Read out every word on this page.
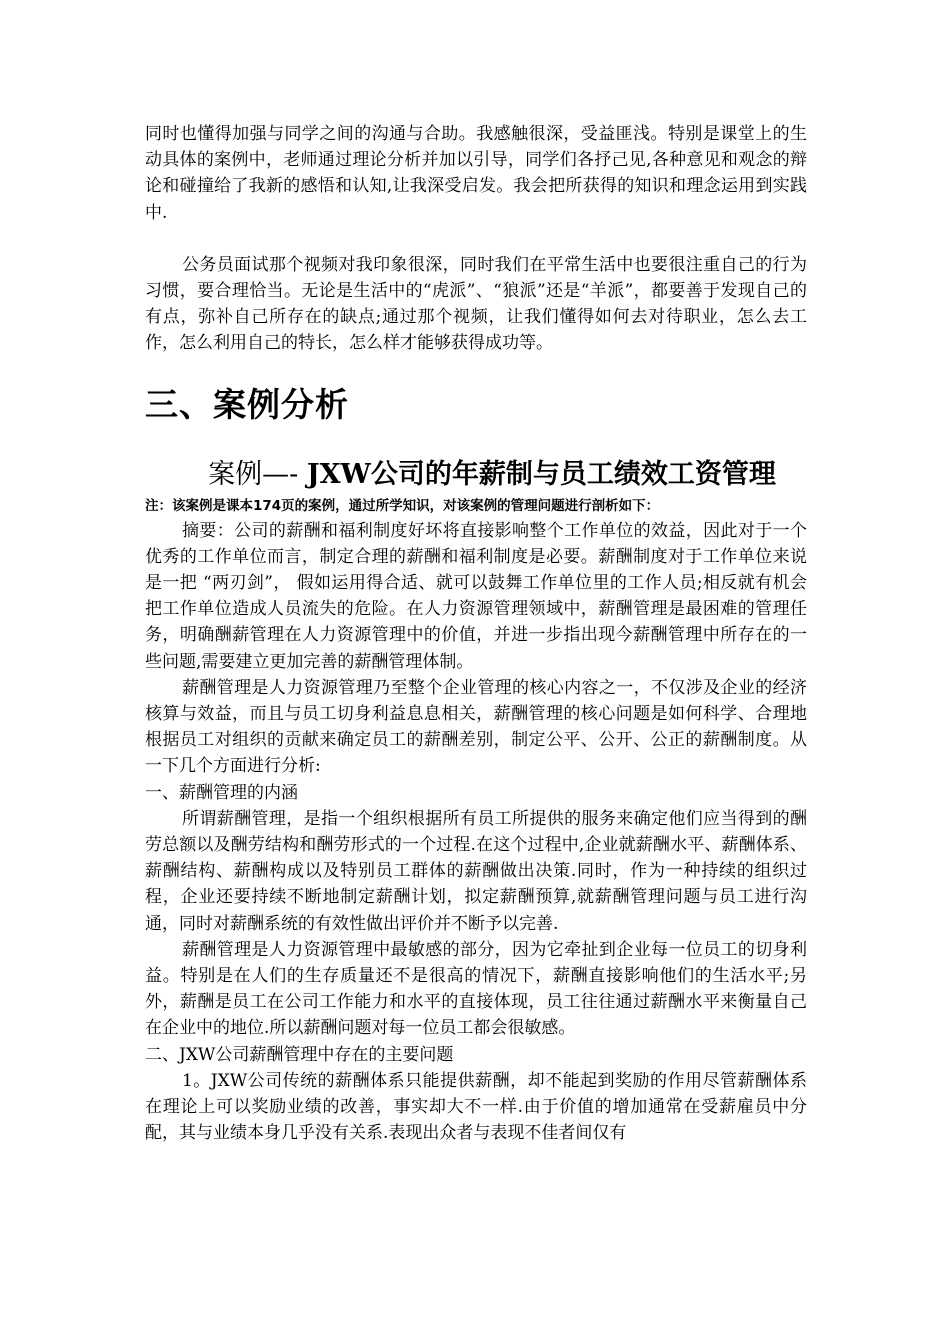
同时也懂得加强与同学之间的沟通与合助。我感触很深，受益匪浅。特别是课堂上的生动具体的案例中，老师通过理论分析并加以引导，同学们各抒己见,各种意见和观念的辩论和碰撞给了我新的感悟和认知,让我深受启发。我会把所获得的知识和理念运用到实践中.

公务员面试那个视频对我印象很深，同时我们在平常生活中也要很注重自己的行为习惯，要合理恰当。无论是生活中的“虎派”、“狼派”还是“羊派”，都要善于发现自己的有点，弥补自己所存在的缺点;通过那个视频，让我们懂得如何去对待职业，怎么去工作，怎么利用自己的特长，怎么样才能够获得成功等。

三、案例分析
案例—- JXW公司的年薪制与员工绩效工资管理
注：该案例是课本174页的案例，通过所学知识，对该案例的管理问题进行剖析如下：

摘要：公司的薪酬和福利制度好坏将直接影响整个工作单位的效益，因此对于一个优秀的工作单位而言，制定合理的薪酬和福利制度是必要。薪酬制度对于工作单位来说是一把 “两刃剑”， 假如运用得合适、就可以鼓舞工作单位里的工作人员;相反就有机会把工作单位造成人员流失的危险。在人力资源管理领域中，薪酬管理是最困难的管理任务，明确酬薪管理在人力资源管理中的价值，并进一步指出现今薪酬管理中所存在的一些问题,需要建立更加完善的薪酬管理体制。

薪酬管理是人力资源管理乃至整个企业管理的核心内容之一，不仅涉及企业的经济核算与效益，而且与员工切身利益息息相关，薪酬管理的核心问题是如何科学、合理地根据员工对组织的贡献来确定员工的薪酬差别，制定公平、公开、公正的薪酬制度。从一下几个方面进行分析:

一、薪酬管理的内涵

所谓薪酬管理，是指一个组织根据所有员工所提供的服务来确定他们应当得到的酬劳总额以及酬劳结构和酬劳形式的一个过程.在这个过程中,企业就薪酬水平、薪酬体系、薪酬结构、薪酬构成以及特别员工群体的薪酬做出决策.同时，作为一种持续的组织过程，企业还要持续不断地制定薪酬计划，拟定薪酬预算,就薪酬管理问题与员工进行沟通，同时对薪酬系统的有效性做出评价并不断予以完善.

薪酬管理是人力资源管理中最敏感的部分，因为它牵扯到企业每一位员工的切身利益。特别是在人们的生存质量还不是很高的情况下，薪酬直接影响他们的生活水平;另外，薪酬是员工在公司工作能力和水平的直接体现，员工往往通过薪酬水平来衡量自己在企业中的地位.所以薪酬问题对每一位员工都会很敏感。

二、JXW公司薪酬管理中存在的主要问题

1。JXW公司传统的薪酬体系只能提供薪酬，却不能起到奖励的作用尽管薪酬体系在理论上可以奖励业绩的改善，事实却大不一样.由于价值的增加通常在受薪雇员中分配，其与业绩本身几乎没有关系.表现出众者与表现不佳者间仅有
